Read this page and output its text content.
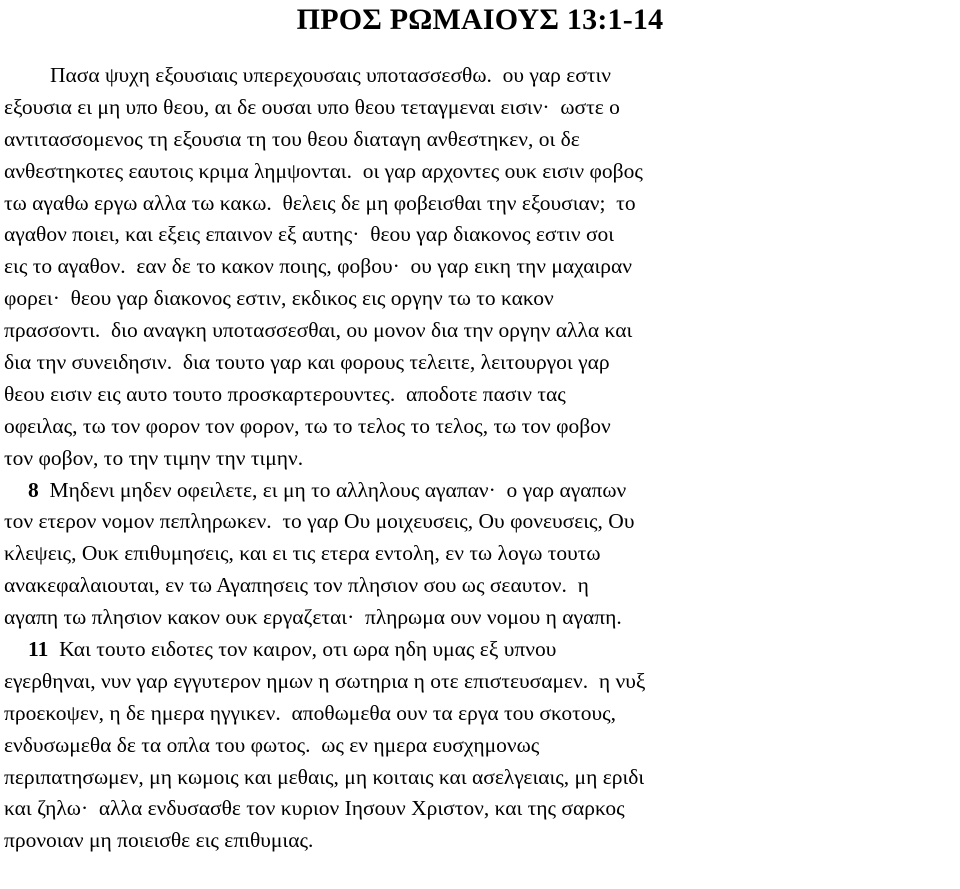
ΠΡΟΣ ΡΩΜΑΙΟΥΣ 13:1-14
Πασα ψυχη εξουσιαις υπερεχουσαις υποτασσεσθω.  ου γαρ εστιν
εξουσια ει μη υπο θεου, αι δε ουσαι υπο θεου τεταγμεναι εισιν·  ωστε ο
αντιτασσομενος τη εξουσια τη του θεου διαταγη ανθεστηκεν, οι δε
ανθεστηκοτες εαυτοις κριμα λημψονται.  οι γαρ αρχοντες ουκ εισιν φοβος
τω αγαθω εργω αλλα τω κακω.  θελεις δε μη φοβεισθαι την εξουσιαν;  το
αγαθον ποιει, και εξεις επαινον εξ αυτης·  θεου γαρ διακονος εστιν σοι
εις το αγαθον.  εαν δε το κακον ποιης, φοβου·  ου γαρ εικη την μαχαιραν
φορει·  θεου γαρ διακονος εστιν, εκδικος εις οργην τω το κακον
πρασσοντι.  διο αναγκη υποτασσεσθαι, ου μονον δια την οργην αλλα και
δια την συνειδησιν.  δια τουτο γαρ και φορους τελειτε, λειτουργοι γαρ
θεου εισιν εις αυτο τουτο προσκαρτερουντες.  αποδοτε πασιν τας
οφειλας, τω τον φορον τον φορον, τω το τελος το τελος, τω τον φοβον
τον φοβον, το την τιμην την τιμην.
8 Μηδενι μηδεν οφειλετε, ει μη το αλληλους αγαπαν·  ο γαρ αγαπων
τον ετερον νομον πεπληρωκεν.  το γαρ Ου μοιχευσεις, Ου φονευσεις, Ου
κλεψεις, Ουκ επιθυμησεις, και ει τις ετερα εντολη, εν τω λογω τουτω
ανακεφαλαιουται, εν τω Αγαπησεις τον πλησιον σου ως σεαυτον.  η
αγαπη τω πλησιον κακον ουκ εργαζεται·  πληρωμα ουν νομου η αγαπη.
11 Και τουτο ειδοτες τον καιρον, οτι ωρα ηδη υμας εξ υπνου
εγερθηναι, νυν γαρ εγγυτερον ημων η σωτηρια η οτε επιστευσαμεν.  η νυξ
προεκοψεν, η δε ημερα ηγγικεν.  αποθωμεθα ουν τα εργα του σκοτους,
ενδυσωμεθα δε τα οπλα του φωτος.  ως εν ημερα ευσχημονως
περιπατησωμεν, μη κωμοις και μεθαις, μη κοιταις και ασελγειαις, μη εριδι
και ζηλω·  αλλα ενδυσασθε τον κυριον Ιησουν Χριστον, και της σαρκος
προνοιαν μη ποιεισθε εις επιθυμιας.
